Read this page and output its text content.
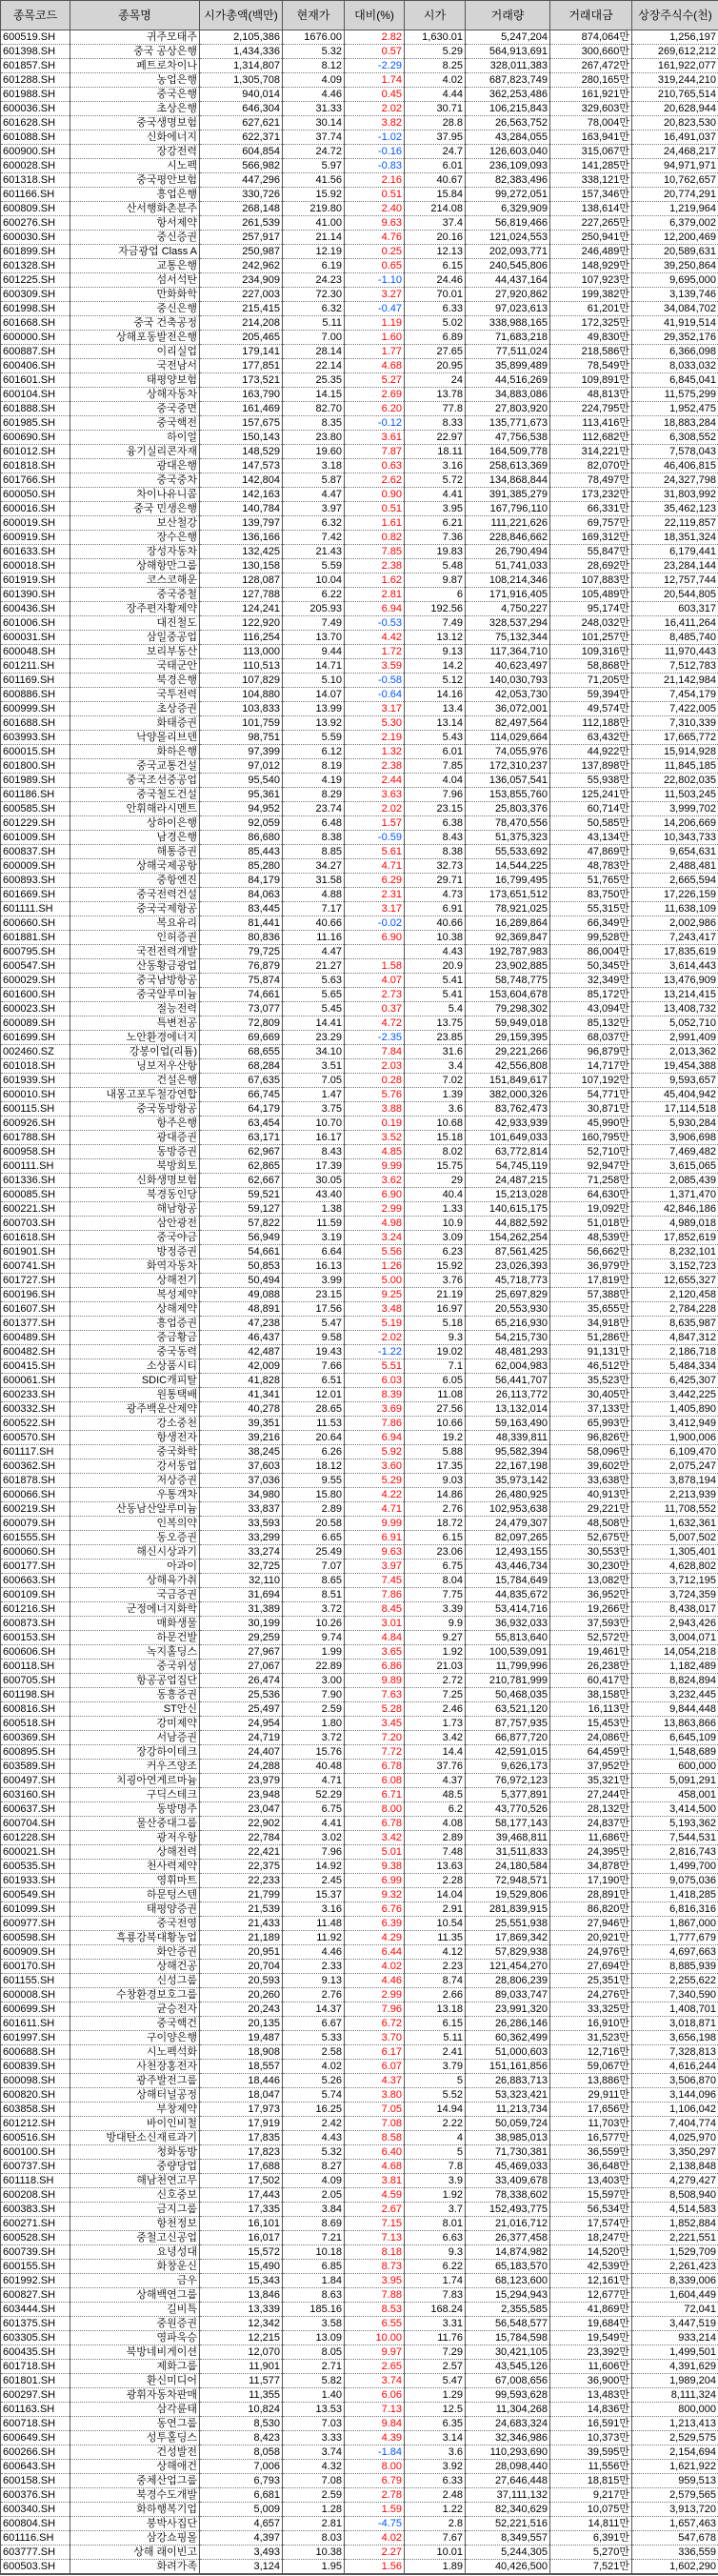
종목코드	종목명	시가총액(백만)	현재가	대비(%)	시가	거래량	거래대금	상장주식수(천)
600519.SH	귀주모태주	2,105,386	1676.00	2.82	1,630.01	5,247,204	874,064만	1,256,197
601398.SH	중국 공상은행	1,434,336	5.32	0.57	5.29	564,913,691	300,660만	269,612,212
601857.SH	페트로차이나	1,314,807	8.12	-2.29	8.25	328,011,383	267,472만	161,922,077
601288.SH	농업은행	1,305,708	4.09	1.74	4.02	687,823,749	280,165만	319,244,210
601988.SH	중국은행	940,014	4.46	0.45	4.44	362,253,486	161,921만	210,765,514
600036.SH	초상은행	646,304	31.33	2.02	30.71	106,215,843	329,603만	20,628,944
601628.SH	중국생명보험	627,621	30.14	3.82	28.8	26,563,752	78,004만	20,823,530
601088.SH	신화에너지	622,371	37.74	-1.02	37.95	43,284,055	163,941만	16,491,037
600900.SH	장강전력	604,854	24.72	-0.16	24.7	126,603,040	315,067만	24,468,217
600028.SH	시노펙	566,982	5.97	-0.83	6.01	236,109,093	141,285만	94,971,971
601318.SH	중국평안보험	447,296	41.56	2.16	40.67	82,383,496	338,121만	10,762,657
601166.SH	흥업은행	330,726	15.92	0.51	15.84	99,272,051	157,346만	20,774,291
600809.SH	산서행화촌분주	268,148	219.80	2.40	214.08	6,329,909	138,614만	1,219,964
600276.SH	항서제약	261,539	41.00	9.63	37.4	56,819,466	227,265만	6,379,002
600030.SH	중신증권	257,917	21.14	4.76	20.16	121,024,553	250,941만	12,200,469
601899.SH	자금광업 Class A	250,987	12.19	0.25	12.13	202,093,771	246,489만	20,589,631
601328.SH	교통은행	242,962	6.19	0.65	6.15	240,545,806	148,929만	39,250,864
601225.SH	섬서석탄	234,909	24.23	-1.10	24.46	44,437,164	107,923만	9,695,000
600309.SH	만화화학	227,003	72.30	3.27	70.01	27,920,862	199,382만	3,139,746
601998.SH	중신은행	215,415	6.32	-0.47	6.33	97,023,613	61,201만	34,084,702
601668.SH	중국 건축공정	214,208	5.11	1.19	5.02	338,988,165	172,325만	41,919,514
600000.SH	상해포동발전은행	205,465	7.00	1.60	6.89	71,683,218	49,830만	29,352,176
600887.SH	이리실업	179,141	28.14	1.77	27.65	77,511,024	218,586만	6,366,098
600406.SH	국전남서	177,851	22.14	4.68	20.95	35,899,489	78,549만	8,033,032
601601.SH	태평양보험	173,521	25.35	5.27	24	44,516,269	109,891만	6,845,041
600104.SH	상해자동차	163,790	14.15	2.69	13.78	34,883,086	48,813만	11,575,299
601888.SH	중국중면	161,469	82.70	6.20	77.8	27,803,920	224,795만	1,952,475
601985.SH	중국핵전	157,675	8.35	-0.12	8.33	135,771,673	113,416만	18,883,284
600690.SH	하이얼	150,143	23.80	3.61	22.97	47,756,538	112,682만	6,308,552
601012.SH	융기실리콘자재	148,529	19.60	7.87	18.11	164,509,778	314,221만	7,578,043
601818.SH	광대은행	147,573	3.18	0.63	3.16	258,613,369	82,070만	46,406,815
601766.SH	중국중차	142,804	5.87	2.62	5.72	134,868,844	78,497만	24,327,798
600050.SH	차이나유니콤	142,163	4.47	0.90	4.41	391,385,279	173,232만	31,803,992
600016.SH	중국 민생은행	140,784	3.97	0.51	3.95	167,796,110	66,331만	35,462,123
600019.SH	보산철강	139,797	6.32	1.61	6.21	111,221,626	69,757만	22,119,857
600919.SH	장수은행	136,166	7.42	0.82	7.36	228,846,662	169,312만	18,351,324
601633.SH	장성자동차	132,425	21.43	7.85	19.83	26,790,494	55,847만	6,179,441
600018.SH	상해항만그룹	130,158	5.59	2.38	5.48	51,741,033	28,692만	23,284,144
601919.SH	코스코해운	128,087	10.04	1.62	9.87	108,214,346	107,883만	12,757,744
601390.SH	중국중철	127,788	6.22	2.81	6	171,916,405	105,489만	20,544,805
600436.SH	장주편자황제약	124,241	205.93	6.94	192.56	4,750,227	95,174만	603,317
601006.SH	대진철도	122,920	7.49	-0.53	7.49	328,537,294	248,032만	16,411,264
600031.SH	삼일중공업	116,254	13.70	4.42	13.12	75,132,344	101,257만	8,485,740
600048.SH	보리부동산	113,000	9.44	1.72	9.13	117,364,710	109,316만	11,970,443
601211.SH	국태군안	110,513	14.71	3.59	14.2	40,623,497	58,868만	7,512,783
601169.SH	북경은행	107,829	5.10	-0.58	5.12	140,030,793	71,205만	21,142,984
600886.SH	국투전력	104,880	14.07	-0.64	14.16	42,053,730	59,394만	7,454,179
600999.SH	초상증권	103,833	13.99	3.17	13.4	36,072,001	49,574만	7,422,005
601688.SH	화태증권	101,759	13.92	5.30	13.14	82,497,564	112,188만	7,310,339
603993.SH	낙양몰리브덴	98,751	5.59	2.19	5.43	114,029,664	63,432만	17,665,772
600015.SH	화하은행	97,399	6.12	1.32	6.01	74,055,976	44,922만	15,914,928
601800.SH	중국교통건설	97,012	8.19	2.38	7.85	172,310,237	137,898만	11,845,185
601989.SH	중국조선중공업	95,540	4.19	2.44	4.04	136,057,541	55,938만	22,802,035
601186.SH	중국철도건설	95,361	8.29	3.63	7.96	153,855,760	125,241만	11,503,245
600585.SH	안휘해라시멘트	94,952	23.74	2.02	23.15	25,803,376	60,714만	3,999,702
601229.SH	상하이은행	92,059	6.48	1.57	6.38	78,470,556	50,585만	14,206,669
601009.SH	남경은행	86,680	8.38	-0.59	8.43	51,375,323	43,134만	10,343,733
600837.SH	해통증권	85,443	8.85	5.61	8.38	55,533,692	47,869만	9,654,631
600009.SH	상해국제공항	85,280	34.27	4.71	32.73	14,544,225	48,783만	2,488,481
600893.SH	중항엔진	84,179	31.58	6.29	29.71	16,799,495	51,765만	2,665,594
601669.SH	중국전력건설	84,063	4.88	2.31	4.73	173,651,512	83,750만	17,226,159
601111.SH	중국국제항공	83,445	7.17	3.17	6.91	78,921,025	55,315만	11,638,109
600660.SH	복요유리	81,441	40.66	-0.02	40.66	16,289,864	66,349만	2,002,986
601881.SH	인허증권	80,836	11.16	6.90	10.38	92,369,847	99,528만	7,243,417
600795.SH	국전전력개발	79,725	4.47		4.43	192,787,983	86,004만	17,835,619
600547.SH	산동황금광업	76,879	21.27	1.58	20.9	23,902,885	50,345만	3,614,443
600029.SH	중국남방항공	75,874	5.63	4.07	5.41	58,748,775	32,349만	13,476,909
601600.SH	중국알루미늄	74,661	5.65	2.73	5.41	153,604,678	85,172만	13,214,415
600023.SH	절능전력	73,077	5.45	0.37	5.4	79,298,302	43,094만	13,408,732
600089.SH	특변전공	72,809	14.41	4.72	13.75	59,949,018	85,132만	5,052,710
601699.SH	노안환경에너지	69,669	23.29	-2.35	23.85	29,159,395	68,037만	2,991,409
002460.SZ	강봉이업(리튬)	68,655	34.10	7.84	31.6	29,221,266	96,879만	2,013,362
601018.SH	닝보저우산항	68,284	3.51	2.03	3.4	42,556,808	14,717만	19,454,388
601939.SH	건설은행	67,635	7.05	0.28	7.02	151,849,617	107,192만	9,593,657
600010.SH	내몽고포두철강연합	66,745	1.47	5.76	1.39	382,000,326	54,771만	45,404,942
600115.SH	중국동방항공	64,179	3.75	3.88	3.6	83,762,473	30,871만	17,114,518
600926.SH	항주은행	63,454	10.70	0.19	10.68	42,933,939	45,990만	5,930,284
601788.SH	광대증권	63,171	16.17	3.52	15.18	101,649,033	160,795만	3,906,698
600958.SH	동방증권	62,967	8.43	4.85	8.02	63,772,814	52,710만	7,469,482
600111.SH	북방희토	62,865	17.39	9.99	15.75	54,745,119	92,947만	3,615,065
601336.SH	신화생명보험	62,667	30.05	3.62	29	24,487,215	71,258만	2,085,439
600085.SH	북경동인당	59,521	43.40	6.90	40.4	15,213,028	64,630만	1,371,470
600221.SH	해남항공	59,127	1.38	2.99	1.33	140,615,175	19,092만	42,846,186
600703.SH	삼안광전	57,822	11.59	4.98	10.9	44,882,592	51,018만	4,989,018
601618.SH	중국야금	56,949	3.19	3.24	3.09	154,262,254	48,539만	17,852,619
601901.SH	방정증권	54,661	6.64	5.56	6.23	87,561,425	56,662만	8,232,101
600741.SH	화역자동차	50,853	16.13	1.26	15.92	23,026,393	36,979만	3,152,723
601727.SH	상해전기	50,494	3.99	5.00	3.76	45,718,773	17,819만	12,655,327
600196.SH	복성제약	49,088	23.15	9.25	21.19	25,697,829	57,388만	2,120,458
601607.SH	상해제약	48,891	17.56	3.48	16.97	20,553,930	35,655만	2,784,228
601377.SH	흥업증권	47,238	5.47	5.19	5.18	65,216,930	34,918만	8,635,987
600489.SH	중금황금	46,437	9.58	2.02	9.3	54,215,730	51,286만	4,847,312
600482.SH	중국동력	42,487	19.43	-1.22	19.02	48,481,293	91,131만	2,186,718
600415.SH	소상품시티	42,009	7.66	5.51	7.1	62,004,983	46,512만	5,484,334
600061.SH	SDIC캐피탈	41,828	6.51	6.03	6.05	56,441,707	35,523만	6,425,307
600233.SH	원통택배	41,341	12.01	8.39	11.08	26,113,772	30,405만	3,442,225
600332.SH	광주백운산제약	40,278	28.65	3.69	27.56	13,132,014	37,133만	1,405,890
600522.SH	강소중천	39,351	11.53	7.86	10.66	59,163,490	65,993만	3,412,949
600570.SH	항생전자	39,216	20.64	6.94	19.2	48,339,811	96,826만	1,900,006
601117.SH	중국화학	38,245	6.26	5.92	5.88	95,582,394	58,096만	6,109,470
600362.SH	강서동업	37,603	18.12	3.60	17.35	22,167,198	39,602만	2,075,247
601878.SH	저상증권	37,036	9.55	5.29	9.03	35,973,142	33,638만	3,878,194
600066.SH	우통객차	34,980	15.80	4.22	14.86	26,480,925	40,913만	2,213,939
600219.SH	산동남산알루미늄	33,837	2.89	4.71	2.76	102,953,638	29,221만	11,708,552
600079.SH	인복의약	33,593	20.58	9.99	18.72	24,479,307	48,508만	1,632,361
601555.SH	동오증권	33,299	6.65	6.91	6.15	82,097,265	52,675만	5,007,502
600060.SH	해신시상과기	33,274	25.49	9.63	23.06	12,493,155	30,553만	1,305,401
600177.SH	아과이	32,725	7.07	3.97	6.75	43,446,734	30,230만	4,628,802
600663.SH	상해육가취	32,110	8.65	7.45	8.04	15,784,649	13,082만	3,712,195
600109.SH	국금증권	31,694	8.51	7.86	7.75	44,835,672	36,952만	3,724,359
601216.SH	군정에너지화학	31,389	3.72	8.45	3.39	53,414,716	19,266만	8,438,017
600873.SH	매화생물	30,199	10.26	3.01	9.9	36,932,033	37,593만	2,943,426
600153.SH	하문건발	29,259	9.74	4.84	9.27	55,813,640	52,572만	3,004,071
600606.SH	녹지홀딩스	27,967	1.99	3.65	1.92	100,539,091	19,461만	14,054,218
600118.SH	중국위성	27,067	22.89	6.86	21.03	11,799,996	26,238만	1,182,489
600705.SH	항공공업집단	26,474	3.00	9.89	2.72	210,781,999	60,417만	8,824,894
601198.SH	동흥증권	25,536	7.90	7.63	7.25	50,468,035	38,158만	3,232,445
600816.SH	ST안신	25,497	2.59	5.28	2.46	63,521,120	16,113만	9,844,448
600518.SH	강미제약	24,954	1.80	3.45	1.73	87,757,935	15,453만	13,863,866
600369.SH	서남증권	24,719	3.72	7.20	3.42	66,877,720	24,086만	6,645,109
600895.SH	장강하이테크	24,407	15.76	7.72	14.4	42,591,015	64,459만	1,548,689
603589.SH	커우즈양조	24,288	40.48	6.78	37.76	9,626,173	37,952만	600,000
600497.SH	치굉아연게르마늄	23,979	4.71	6.08	4.37	76,972,123	35,321만	5,091,291
603160.SH	구딕스테크	23,948	52.29	6.71	48.5	5,377,891	27,244만	458,001
600637.SH	동방명주	23,047	6.75	8.00	6.2	43,770,526	28,132만	3,414,500
600704.SH	물산중대그룹	22,902	4.41	6.78	4.08	58,177,143	24,837만	5,193,362
601228.SH	광저우항	22,784	3.02	3.42	2.89	39,468,811	11,686만	7,544,531
600021.SH	상해전력	22,421	7.96	5.01	7.48	31,511,833	24,395만	2,816,743
600535.SH	천사력제약	22,375	14.92	9.38	13.63	24,180,584	34,878만	1,499,700
601933.SH	영휘마트	22,233	2.45	6.99	2.28	72,948,571	17,190만	9,075,036
600549.SH	하문텅스텐	21,799	15.37	9.32	14.04	19,529,806	28,891만	1,418,285
601099.SH	태평양증권	21,539	3.16	6.76	2.91	281,839,915	86,820만	6,816,316
600977.SH	중국전영	21,433	11.48	6.39	10.54	25,551,938	27,946만	1,867,000
600598.SH	흑룡강북대황농업	21,189	11.92	4.29	11.35	17,869,342	20,921만	1,777,679
600909.SH	화안증권	20,951	4.46	6.44	4.12	57,829,938	24,976만	4,697,663
600170.SH	상해건공	20,704	2.33	4.02	2.23	121,454,270	27,694만	8,885,939
601155.SH	신성그룹	20,593	9.13	4.46	8.74	28,806,239	25,351만	2,255,622
600008.SH	수창환경보호그룹	20,260	2.76	2.99	2.66	89,033,747	24,276만	7,340,590
600699.SH	균승전자	20,243	14.37	7.96	13.18	23,991,320	33,325만	1,408,701
601611.SH	중국핵건	20,135	6.67	6.72	6.15	26,286,146	16,910만	3,018,871
601997.SH	구이양은행	19,487	5.33	3.70	5.11	60,362,499	31,523만	3,656,198
600688.SH	시노펙석화	18,908	2.58	6.17	2.41	51,000,603	12,716만	7,328,813
600839.SH	사천장홍전자	18,557	4.02	6.07	3.79	151,161,856	59,067만	4,616,244
600098.SH	광주발전그룹	18,446	5.26	4.37	5	26,883,713	13,886만	3,506,870
600820.SH	상해터널공정	18,047	5.74	3.80	5.52	53,323,421	29,911만	3,144,096
603858.SH	부창제약	17,973	16.25	7.05	14.94	11,213,734	17,656만	1,106,042
601212.SH	바이인비철	17,919	2.42	7.08	2.22	50,059,724	11,703만	7,404,774
600516.SH	방대탄소신재료과기	17,835	4.43	8.58	4	38,985,013	16,577만	4,025,970
600100.SH	청화동방	17,823	5.32	6.40	5	71,730,381	36,559만	3,350,297
600737.SH	중량당업	17,688	8.27	4.68	7.8	45,469,033	36,648만	2,138,848
601118.SH	해남천연고무	17,502	4.09	3.81	3.9	33,409,678	13,403만	4,279,427
600208.SH	신호중보	17,443	2.05	4.59	1.92	78,338,602	15,597만	8,508,940
600383.SH	금지그룹	17,335	3.84	2.67	3.7	152,493,775	56,534만	4,514,583
600271.SH	항천정보	16,101	8.69	7.15	8.01	21,016,712	17,574만	1,852,884
600528.SH	중철고신공업	16,017	7.21	7.13	6.63	26,377,458	18,247만	2,221,551
600739.SH	요녕성대	15,572	10.18	8.18	9.3	14,874,982	14,520만	1,529,709
600155.SH	화창운신	15,490	6.85	8.73	6.22	65,183,570	42,539만	2,261,423
601992.SH	금우	15,343	1.84	3.95	1.74	68,123,600	12,161만	8,339,006
600827.SH	상해백연그룹	13,846	8.63	7.88	7.83	15,294,943	12,677만	1,604,449
603444.SH	길비특	13,339	185.16	8.53	168.24	2,355,585	41,869만	72,041
601375.SH	중원증권	12,342	3.58	6.55	3.31	56,548,577	19,684만	3,447,519
603305.SH	영파욱승	12,215	13.09	10.00	11.76	15,784,598	19,549만	933,214
600435.SH	북방네비게이션	12,070	8.05	9.97	7.29	30,421,105	23,392만	1,499,501
601718.SH	제화그룹	11,901	2.71	2.65	2.57	43,545,126	11,606만	4,391,629
601801.SH	환신미디어	11,577	5.82	3.74	5.47	67,008,656	36,900만	1,989,204
600297.SH	광휘자동차판매	11,355	1.40	6.06	1.29	99,593,628	13,483만	8,111,324
601163.SH	삼각륜태	10,824	13.53	7.13	12.5	11,304,268	14,836만	800,000
600718.SH	동연그룹	8,530	7.03	9.84	6.35	24,683,324	16,591만	1,213,413
600649.SH	성투홀딩스	8,423	3.33	4.39	3.14	32,346,986	10,373만	2,529,575
600266.SH	건성발전	8,058	3.74	-1.84	3.6	110,293,690	39,595만	2,154,694
600643.SH	상해애건	7,006	4.32	8.00	3.92	28,098,440	11,556만	1,621,922
600158.SH	중체산업그룹	6,793	7.08	6.79	6.33	27,646,448	18,815만	959,513
600376.SH	북경수도개발	6,681	2.59	2.78	2.48	37,111,132	9,217만	2,579,565
600340.SH	화하행복기업	5,009	1.28	1.59	1.22	82,340,629	10,075만	3,913,720
600804.SH	붕박사집단	4,657	2.81	-4.75	2.8	52,221,516	14,811만	1,657,463
601116.SH	삼강쇼핑몰	4,397	8.03	4.02	7.67	8,349,557	6,391만	547,678
603777.SH	상해 래이빈고	3,493	10.38	2.27	10.01	5,244,305	5,270만	336,559
600503.SH	화려가족	3,124	1.95	1.56	1.89	40,426,500	7,521만	1,602,290
